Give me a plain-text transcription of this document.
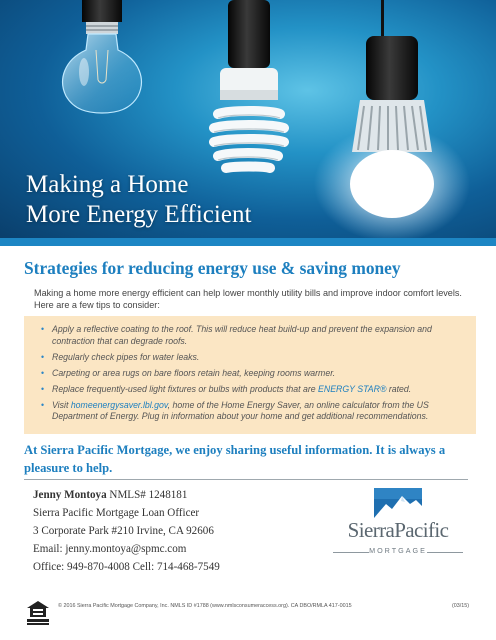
Making a Home
More Energy Efficient
Strategies for reducing energy use & saving money
Making a home more energy efficient can help lower monthly utility bills and improve indoor comfort levels. Here are a few tips to consider:
• Apply a reflective coating to the roof. This will reduce heat build-up and prevent the expansion and contraction that can degrade roofs.
• Regularly check pipes for water leaks.
• Carpeting or area rugs on bare floors retain heat, keeping rooms warmer.
• Replace frequently-used light fixtures or bulbs with products that are ENERGY STAR® rated.
• Visit homeenergysaver.lbl.gov, home of the Home Energy Saver, an online calculator from the US Department of Energy. Plug in information about your home and get additional recommendations.
At Sierra Pacific Mortgage, we enjoy sharing useful information. It is always a pleasure to help.
Jenny Montoya NMLS# 1248181
Sierra Pacific Mortgage Loan Officer
3 Corporate Park #210 Irvine, CA 92606
Email: jenny.montoya@spmc.com
Office: 949-870-4008 Cell: 714-468-7549
SierraPacific
MORTGAGE
© 2016 Sierra Pacific Mortgage Company, Inc. NMLS ID #1788 (www.nmlsconsumeraccess.org). CA DBO/RMLA 417-0015	(03/15)
